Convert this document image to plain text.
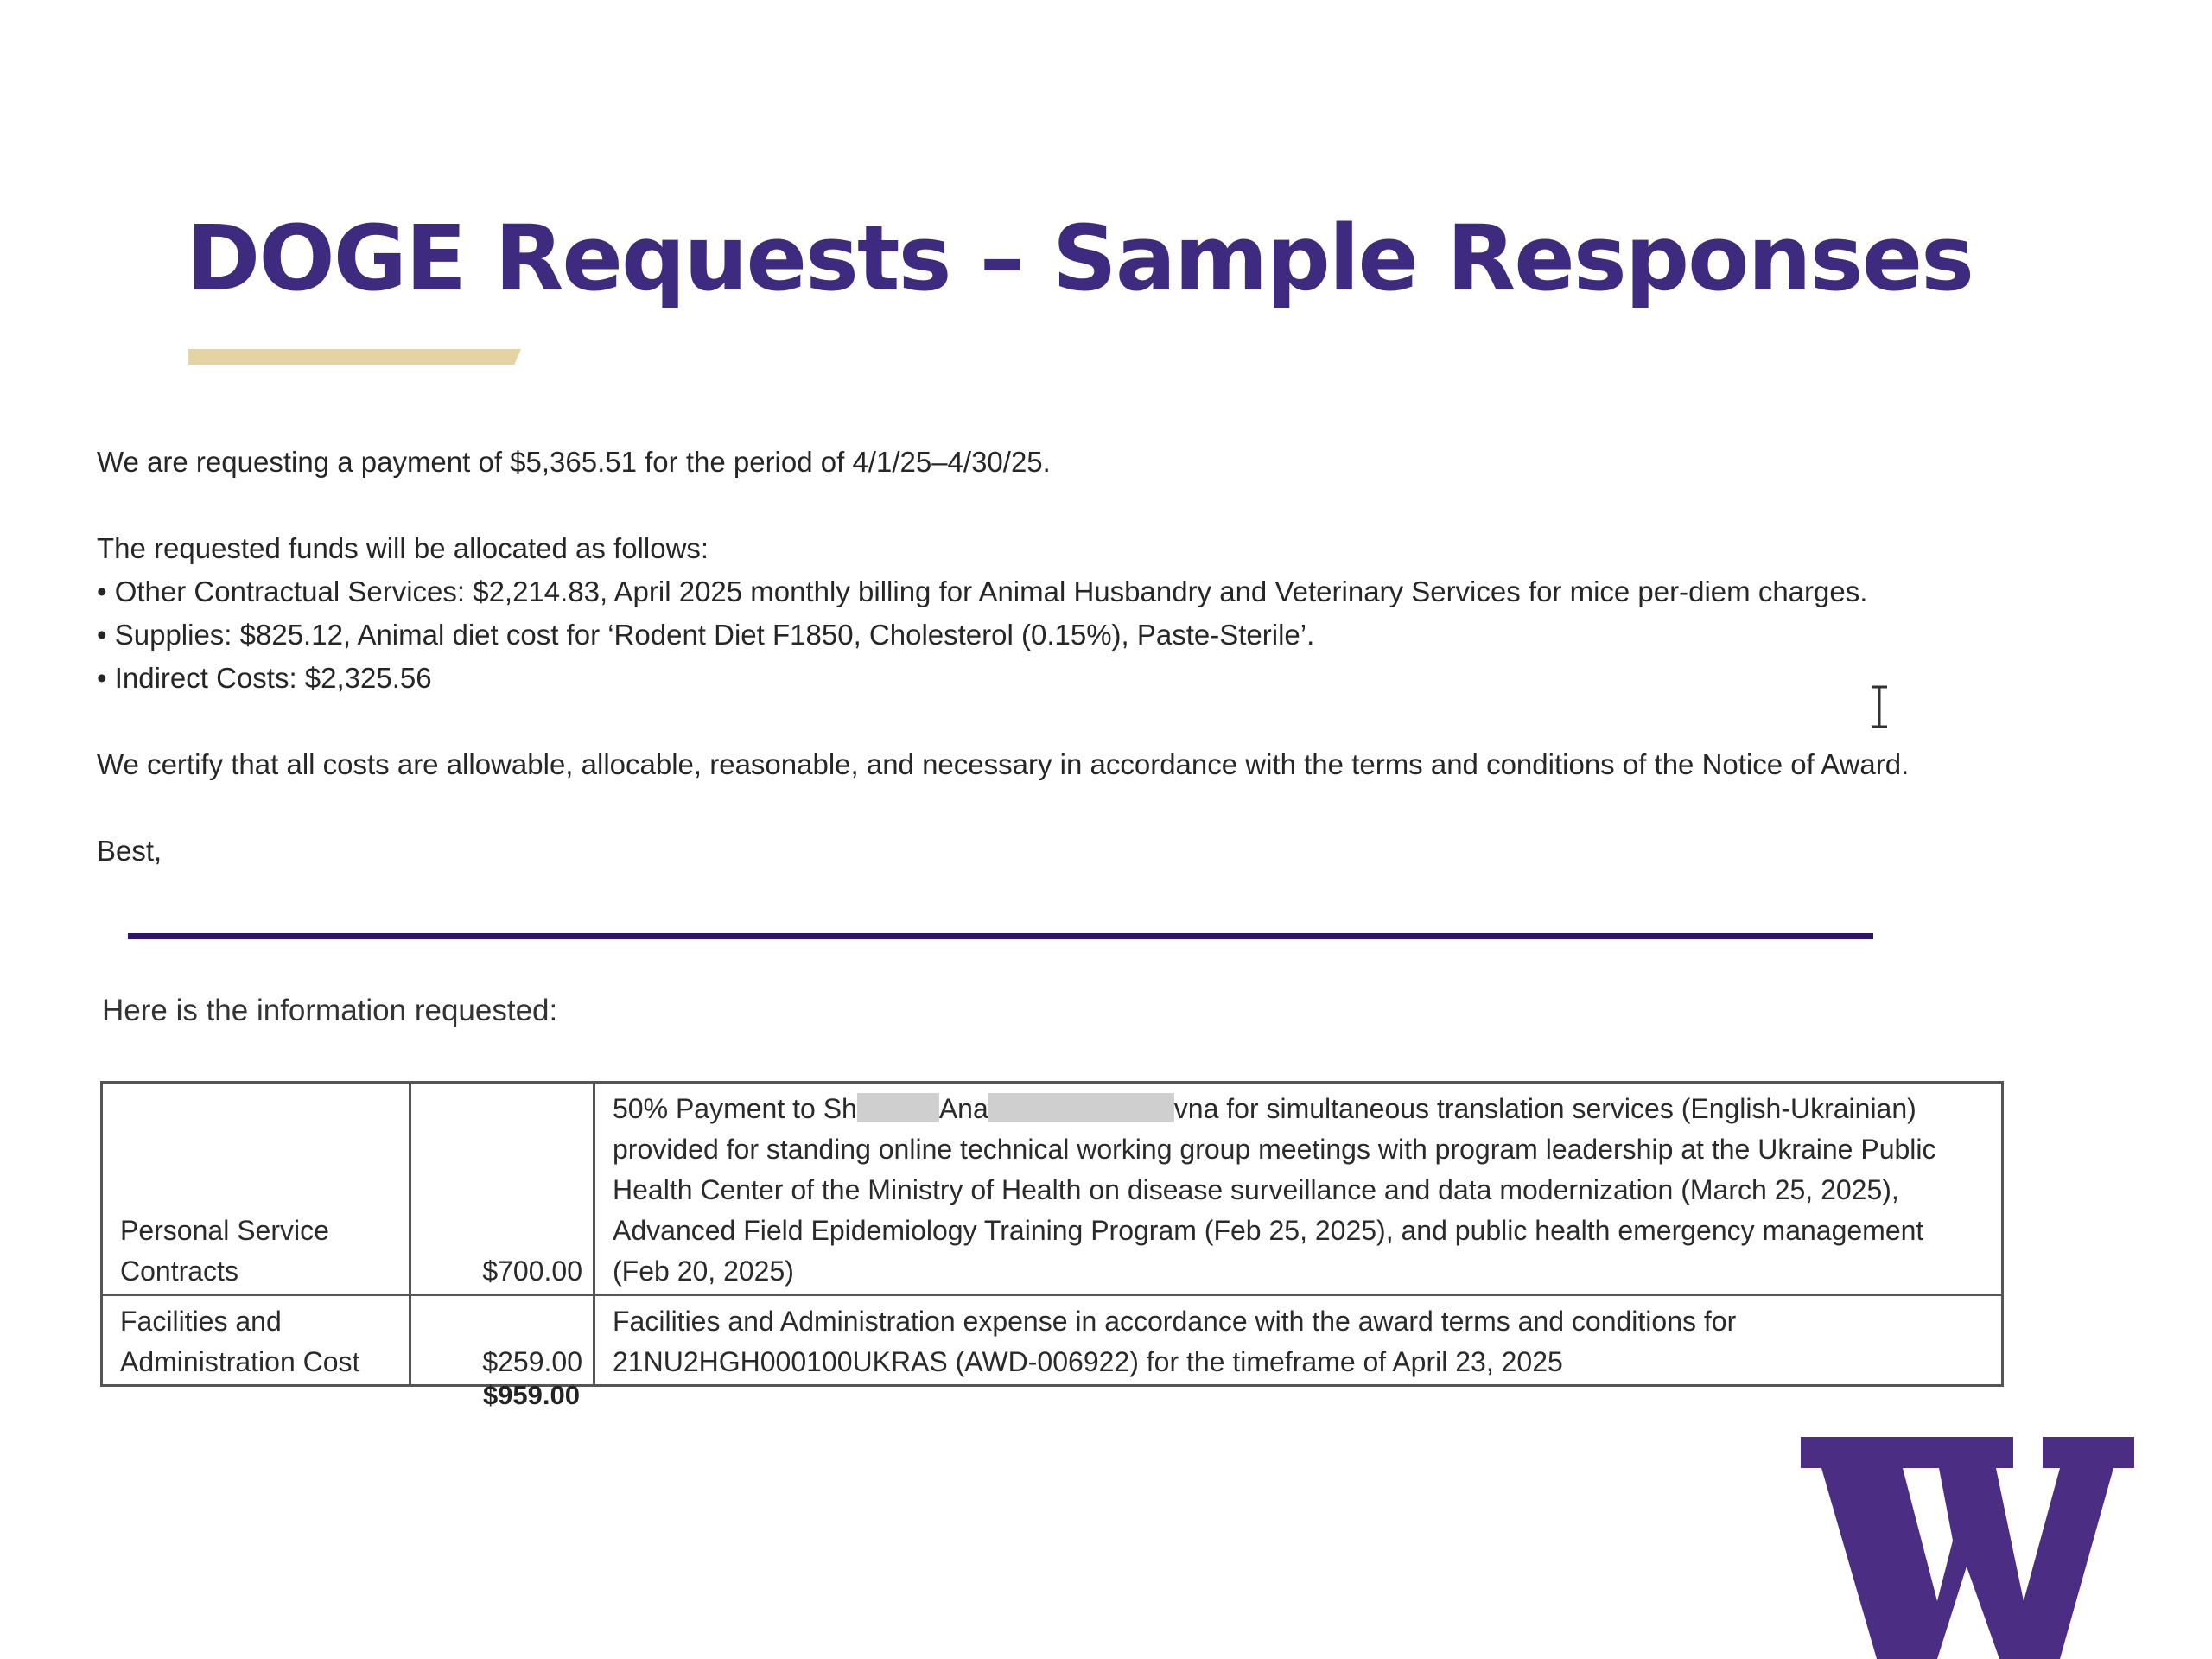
DOGE Requests – Sample Responses

We are requesting a payment of $5,365.51 for the period of 4/1/25–4/30/25.

The requested funds will be allocated as follows:

• Other Contractual Services: $2,214.83, April 2025 monthly billing for Animal Husbandry and Veterinary Services for mice per-diem charges.

• Supplies: $825.12, Animal diet cost for ‘Rodent Diet F1850, Cholesterol (0.15%), Paste-Sterile’.

• Indirect Costs: $2,325.56

We certify that all costs are allowable, allocable, reasonable, and necessary in accordance with the terms and conditions of the Notice of Award.

Best,

Here is the information requested:
Personal Service Contracts	$700.00	50% Payment to Sh Ana vna for simultaneous translation services (English-Ukrainian) provided for standing online technical working group meetings with program leadership at the Ukraine Public Health Center of the Ministry of Health on disease surveillance and data modernization (March 25, 2025), Advanced Field Epidemiology Training Program (Feb 25, 2025), and public health emergency management (Feb 20, 2025)
Facilities and Administration Cost	$259.00	Facilities and Administration expense in accordance with the award terms and conditions for 21NU2HGH000100UKRAS (AWD-006922) for the timeframe of April 23, 2025
$959.00
